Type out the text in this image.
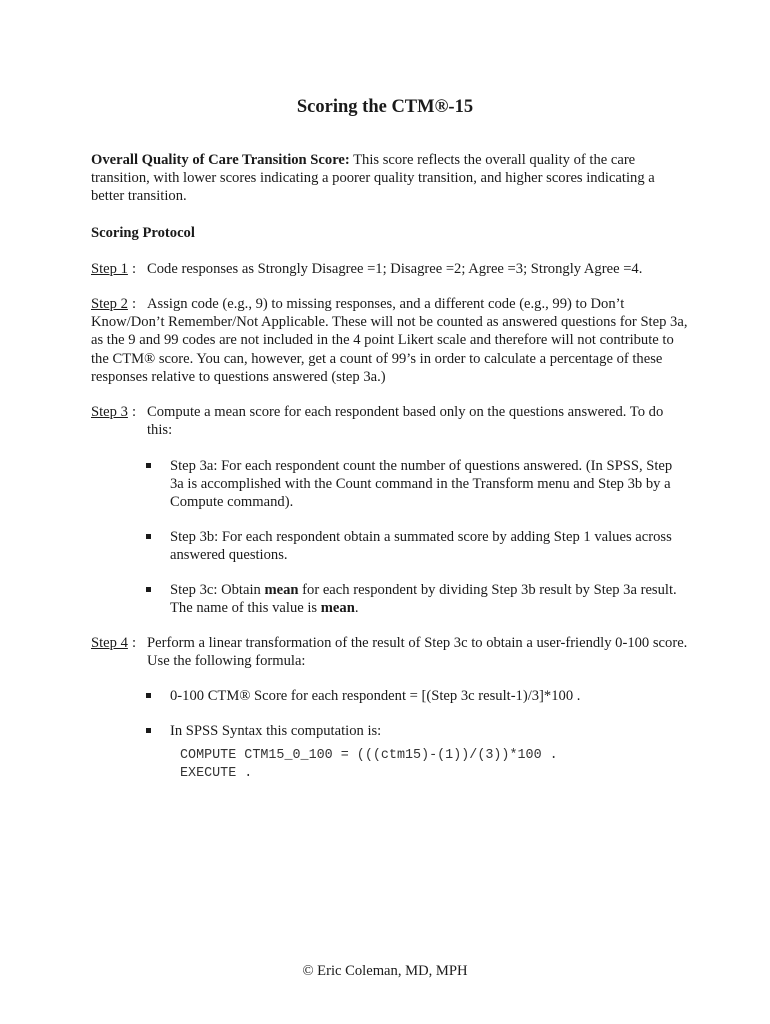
Scoring the CTM®-15
Overall Quality of Care Transition Score: This score reflects the overall quality of the care transition, with lower scores indicating a poorer quality transition, and higher scores indicating a better transition.
Scoring Protocol
Step 1 : Code responses as Strongly Disagree =1; Disagree =2; Agree =3; Strongly Agree =4.
Step 2 : Assign code (e.g., 9) to missing responses, and a different code (e.g., 99) to Don’t Know/Don’t Remember/Not Applicable. These will not be counted as answered questions for Step 3a, as the 9 and 99 codes are not included in the 4 point Likert scale and therefore will not contribute to the CTM® score. You can, however, get a count of 99’s in order to calculate a percentage of these responses relative to questions answered (step 3a.)
Step 3 : Compute a mean score for each respondent based only on the questions answered. To do this:
Step 3a: For each respondent count the number of questions answered. (In SPSS, Step 3a is accomplished with the Count command in the Transform menu and Step 3b by a Compute command).
Step 3b: For each respondent obtain a summated score by adding Step 1 values across answered questions.
Step 3c: Obtain mean for each respondent by dividing Step 3b result by Step 3a result. The name of this value is mean.
Step 4 : Perform a linear transformation of the result of Step 3c to obtain a user-friendly 0-100 score. Use the following formula:
0-100 CTM® Score for each respondent = [(Step 3c result-1)/3]*100 .
In SPSS Syntax this computation is:
COMPUTE CTM15_0_100 = (((ctm15)-(1))/(3))*100 .
EXECUTE .
© Eric Coleman, MD, MPH
